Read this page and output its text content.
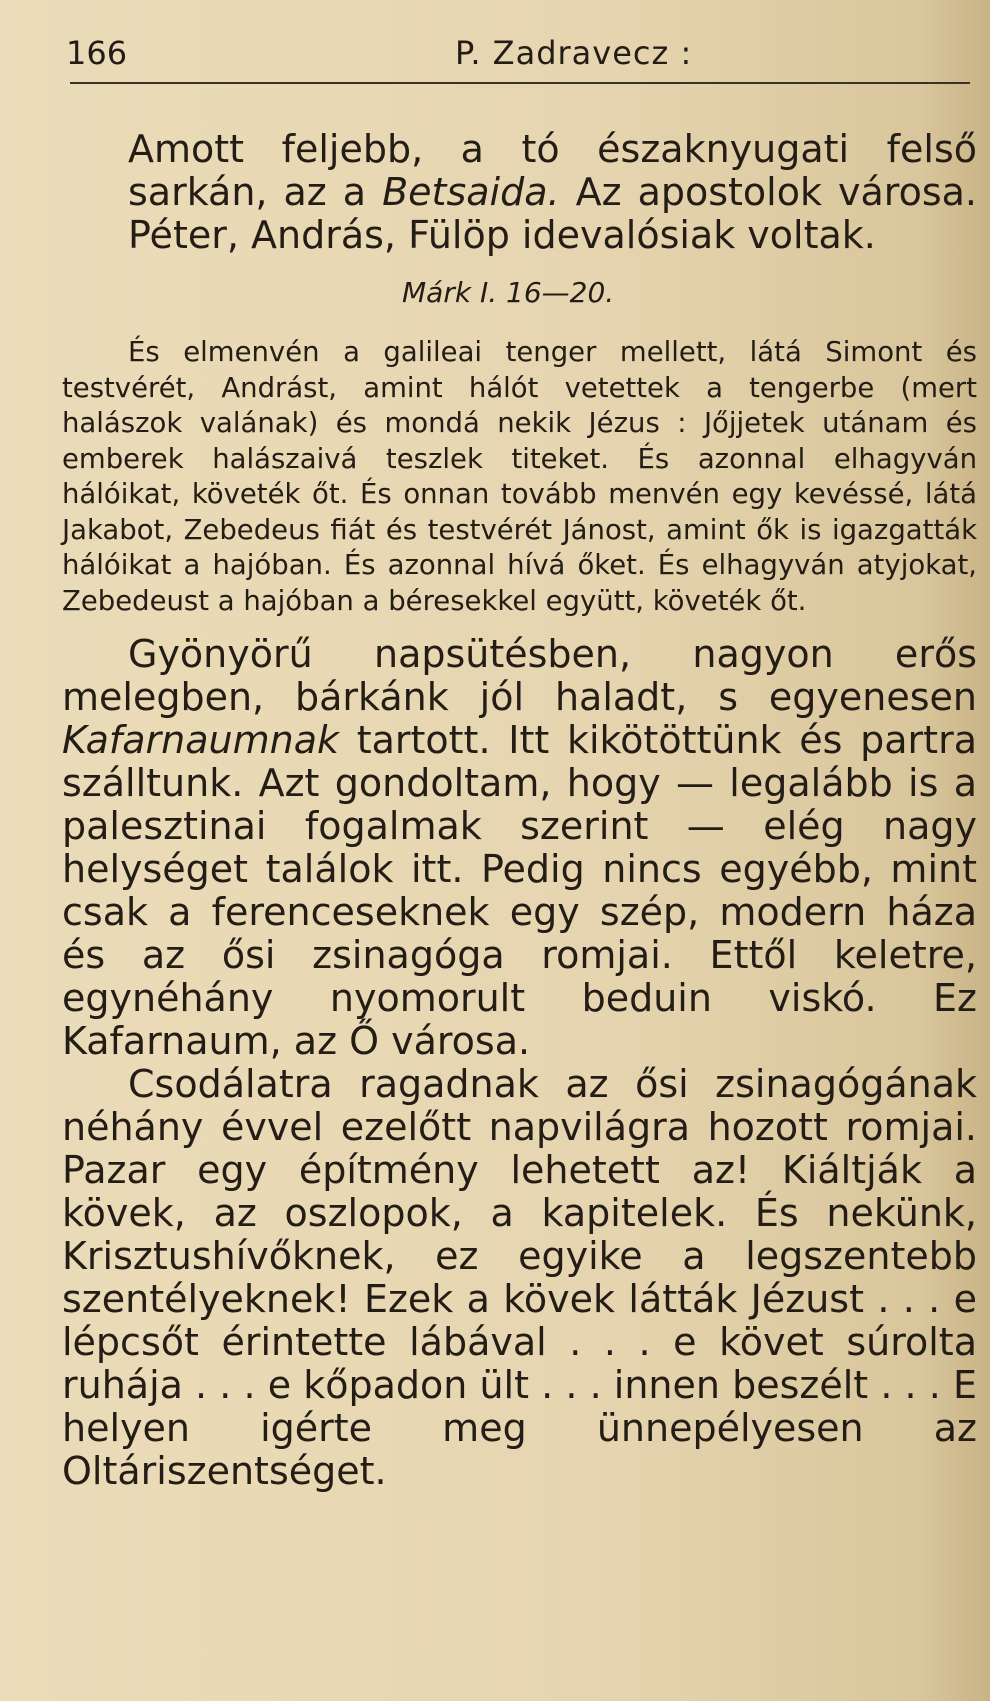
166	P. Zadravecz :

Amott feljebb, a tó északnyugati felső sarkán, az a Betsaida. Az apostolok városa. Péter, András, Fülöp idevalósiak voltak.

Márk I. 16—20.

És elmenvén a galileai tenger mellett, látá Simont és testvérét, Andrást, amint hálót vetettek a tengerbe (mert halászok valának) és mondá nekik Jézus : Jőjjetek utánam és emberek halászaivá teszlek titeket. És azonnal elhagyván hálóikat, követék őt. És onnan tovább menvén egy kevéssé, látá Jakabot, Zebedeus fiát és testvérét Jánost, amint ők is igazgatták hálóikat a hajóban. És azonnal hívá őket. És elhagyván atyjokat, Zebedeust a hajóban a béresekkel együtt, követék őt.

Gyönyörű napsütésben, nagyon erős melegben, bárkánk jól haladt, s egyenesen Kafarnaumnak tartott. Itt kikötöttünk és partra szálltunk. Azt gondoltam, hogy — legalább is a palesztinai fogalmak szerint — elég nagy helységet találok itt. Pedig nincs egyébb, mint csak a ferenceseknek egy szép, modern háza és az ősi zsinagóga romjai. Ettől keletre, egynéhány nyomorult beduin viskó. Ez Kafarnaum, az Ő városa.

Csodálatra ragadnak az ősi zsinagógának néhány évvel ezelőtt napvilágra hozott romjai. Pazar egy építmény lehetett az! Kiáltják a kövek, az oszlopok, a kapitelek. És nekünk, Krisztushívőknek, ez egyike a legszentebb szentélyeknek! Ezek a kövek látták Jézust . . . e lépcsőt érintette lábával . . . e követ súrolta ruhája . . . e kőpadon ült . . . innen beszélt . . . E helyen igérte meg ünnepélyesen az Oltáriszentséget.
